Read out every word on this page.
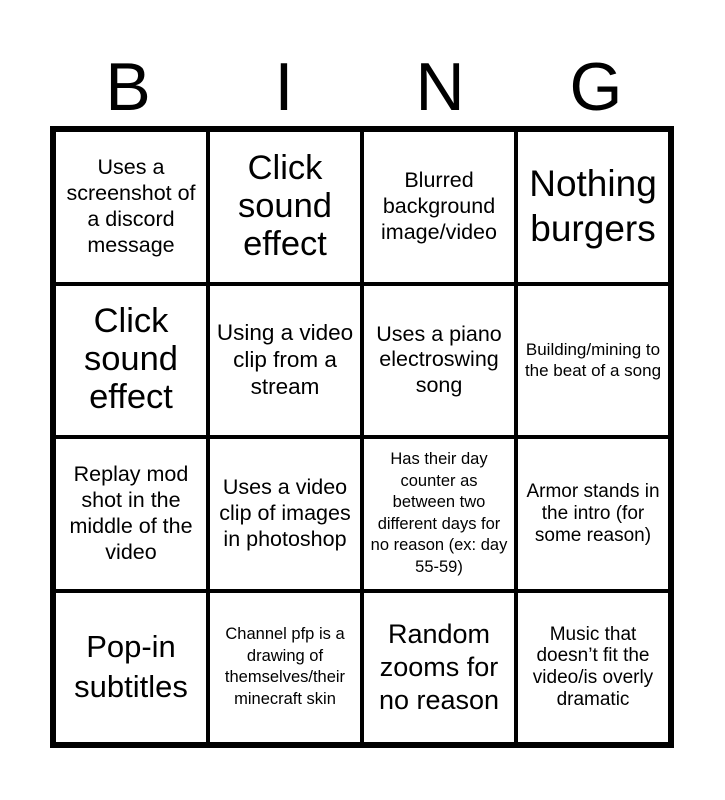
B	I	N	G
Uses a screenshot of a discord message
Click sound effect
Blurred background image/video
Nothing burgers
Click sound effect
Using a video clip from a stream
Uses a piano electroswing song
Building/mining to the beat of a song
Replay mod shot in the middle of the video
Uses a video clip of images in photoshop
Has their day counter as between two different days for no reason (ex: day 55-59)
Armor stands in the intro (for some reason)
Pop-in subtitles
Channel pfp is a drawing of themselves/their minecraft skin
Random zooms for no reason
Music that doesn’t fit the video/is overly dramatic
